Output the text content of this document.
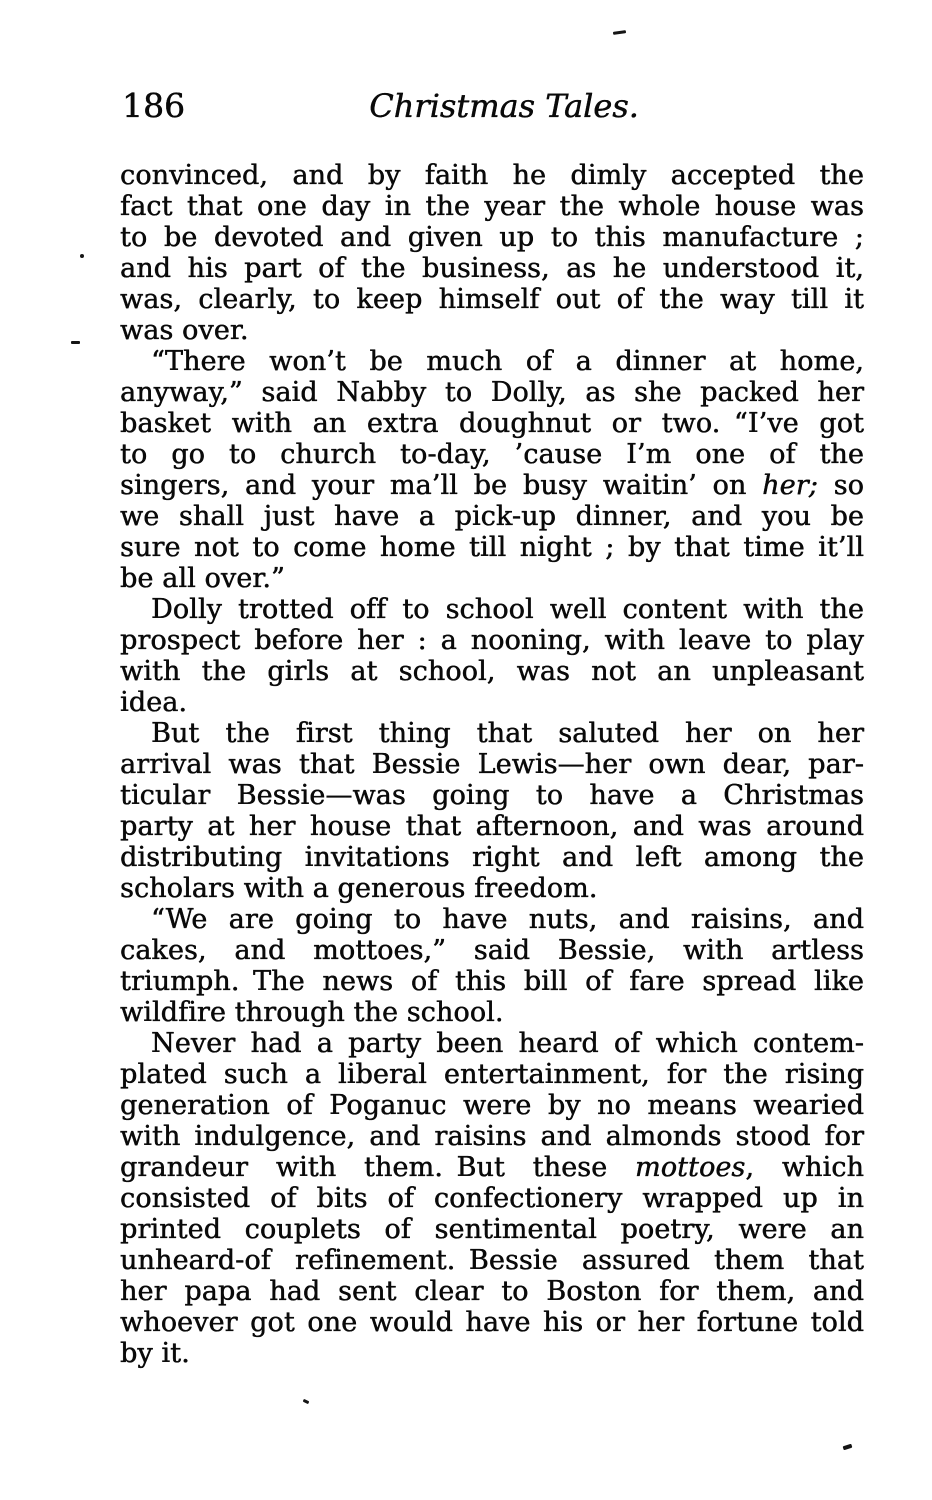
186	Christmas Tales.
convinced, and by faith he dimly accepted the
fact that one day in the year the whole house was
to be devoted and given up to this manufacture ;
and his part of the business, as he understood it,
was, clearly, to keep himself out of the way till it
was over.
“There won’t be much of a dinner at home,
anyway,” said Nabby to Dolly, as she packed her
basket with an extra doughnut or two. “I’ve got
to go to church to-day, ’cause I’m one of the
singers, and your ma’ll be busy waitin’ on her; so
we shall just have a pick-up dinner, and you be
sure not to come home till night ; by that time it’ll
be all over.”
Dolly trotted off to school well content with the
prospect before her : a nooning, with leave to play
with the girls at school, was not an unpleasant
idea.
But the first thing that saluted her on her
arrival was that Bessie Lewis—her own dear, par-
ticular Bessie—was going to have a Christmas
party at her house that afternoon, and was around
distributing invitations right and left among the
scholars with a generous freedom.
“We are going to have nuts, and raisins, and
cakes, and mottoes,” said Bessie, with artless
triumph. The news of this bill of fare spread like
wildfire through the school.
Never had a party been heard of which contem-
plated such a liberal entertainment, for the rising
generation of Poganuc were by no means wearied
with indulgence, and raisins and almonds stood for
grandeur with them. But these mottoes, which
consisted of bits of confectionery wrapped up in
printed couplets of sentimental poetry, were an
unheard-of refinement. Bessie assured them that
her papa had sent clear to Boston for them, and
whoever got one would have his or her fortune told
by it.
